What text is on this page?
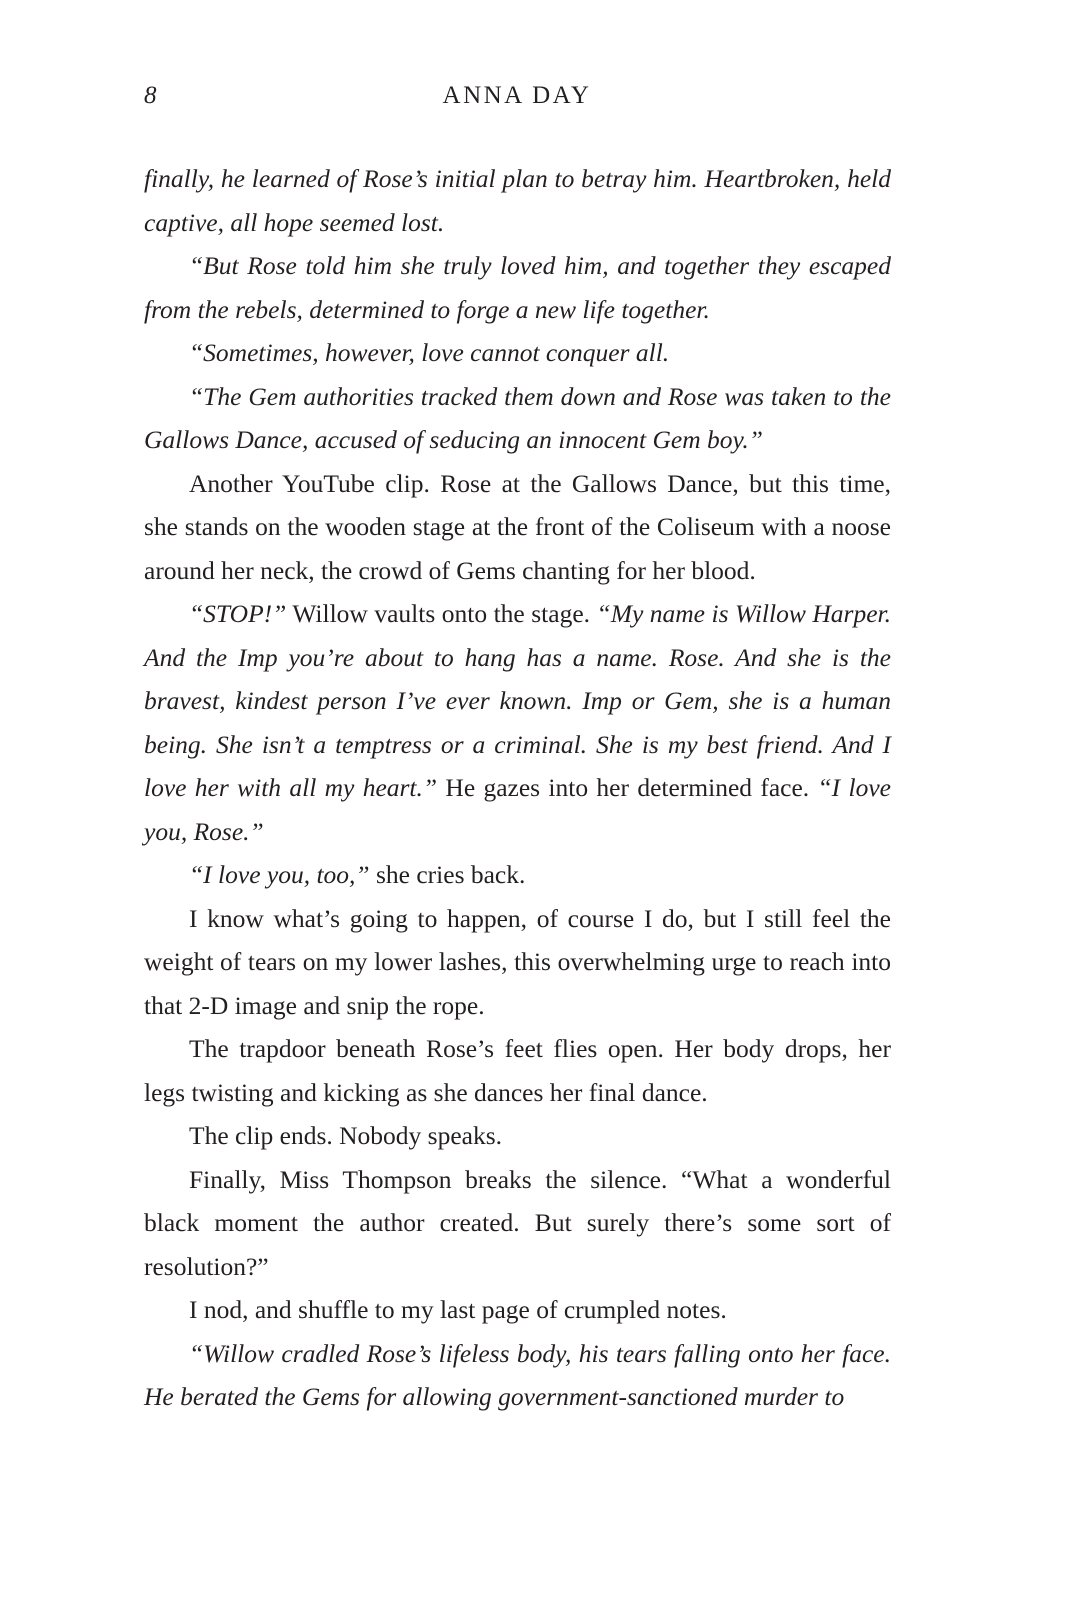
8	ANNA DAY

finally, he learned of Rose’s initial plan to betray him. Heartbroken, held captive, all hope seemed lost.

“But Rose told him she truly loved him, and together they escaped from the rebels, determined to forge a new life together.

“Sometimes, however, love cannot conquer all.

“The Gem authorities tracked them down and Rose was taken to the Gallows Dance, accused of seducing an innocent Gem boy.”

Another YouTube clip. Rose at the Gallows Dance, but this time, she stands on the wooden stage at the front of the Coliseum with a noose around her neck, the crowd of Gems chanting for her blood.

“STOP!” Willow vaults onto the stage. “My name is Willow Harper. And the Imp you’re about to hang has a name. Rose. And she is the bravest, kindest person I’ve ever known. Imp or Gem, she is a human being. She isn’t a temptress or a criminal. She is my best friend. And I love her with all my heart.” He gazes into her determined face. “I love you, Rose.”

“I love you, too,” she cries back.

I know what’s going to happen, of course I do, but I still feel the weight of tears on my lower lashes, this overwhelming urge to reach into that 2-D image and snip the rope.

The trapdoor beneath Rose’s feet flies open. Her body drops, her legs twisting and kicking as she dances her final dance.

The clip ends. Nobody speaks.

Finally, Miss Thompson breaks the silence. “What a wonderful black moment the author created. But surely there’s some sort of resolution?”

I nod, and shuffle to my last page of crumpled notes.

“Willow cradled Rose’s lifeless body, his tears falling onto her face. He berated the Gems for allowing government-sanctioned murder to
